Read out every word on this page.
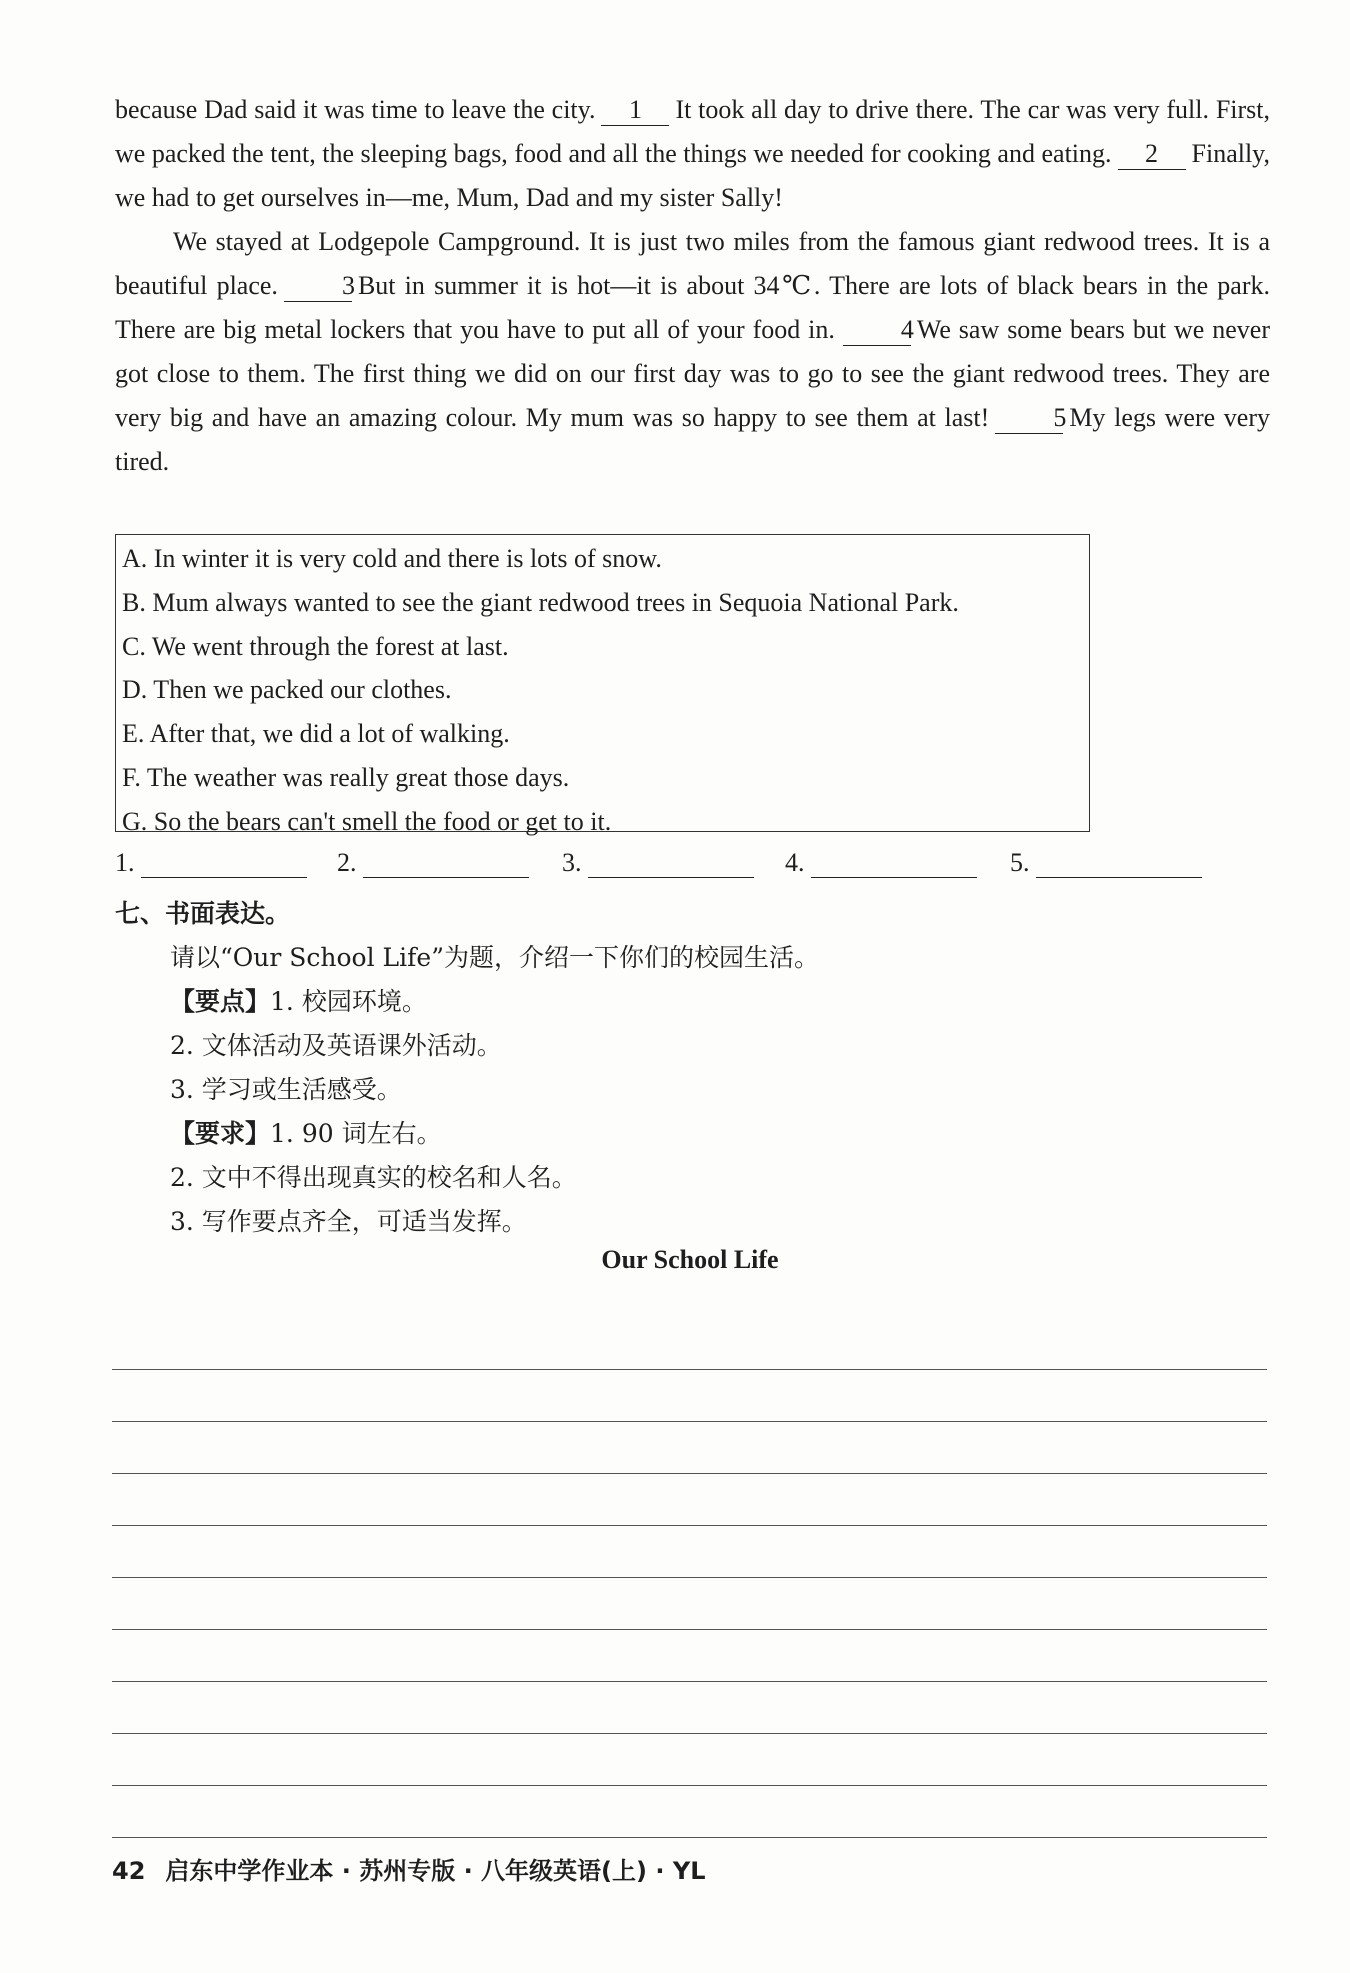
because Dad said it was time to leave the city. 1 It took all day to drive there. The car was very full. First, we packed the tent, the sleeping bags, food and all the things we needed for cooking and eating. 2 Finally, we had to get ourselves in—me, Mum, Dad and my sister Sally!

We stayed at Lodgepole Campground. It is just two miles from the famous giant redwood trees. It is a beautiful place. 3 But in summer it is hot—it is about 34℃. There are lots of black bears in the park. There are big metal lockers that you have to put all of your food in.	4 We saw some bears but we never got close to them. The first thing we did on our first day was to go to see the giant redwood trees. They are very big and have an amazing colour. My mum was so happy to see them at last! 5 My legs were very tired.

A. In winter it is very cold and there is lots of snow.
B. Mum always wanted to see the giant redwood trees in Sequoia National Park.
C. We went through the forest at last.
D. Then we packed our clothes.
E. After that, we did a lot of walking.
F. The weather was really great those days.
G. So the bears can't smell the food or get to it.
1.	2.	3.	4.	5.
七、书面表达。
请以“Our School Life”为题，介绍一下你们的校园生活。
【要点】1. 校园环境。
2. 文体活动及英语课外活动。
3. 学习或生活感受。
【要求】1. 90 词左右。
2. 文中不得出现真实的校名和人名。
3. 写作要点齐全，可适当发挥。
Our School Life
42 启东中学作业本 · 苏州专版 · 八年级英语(上) · YL
